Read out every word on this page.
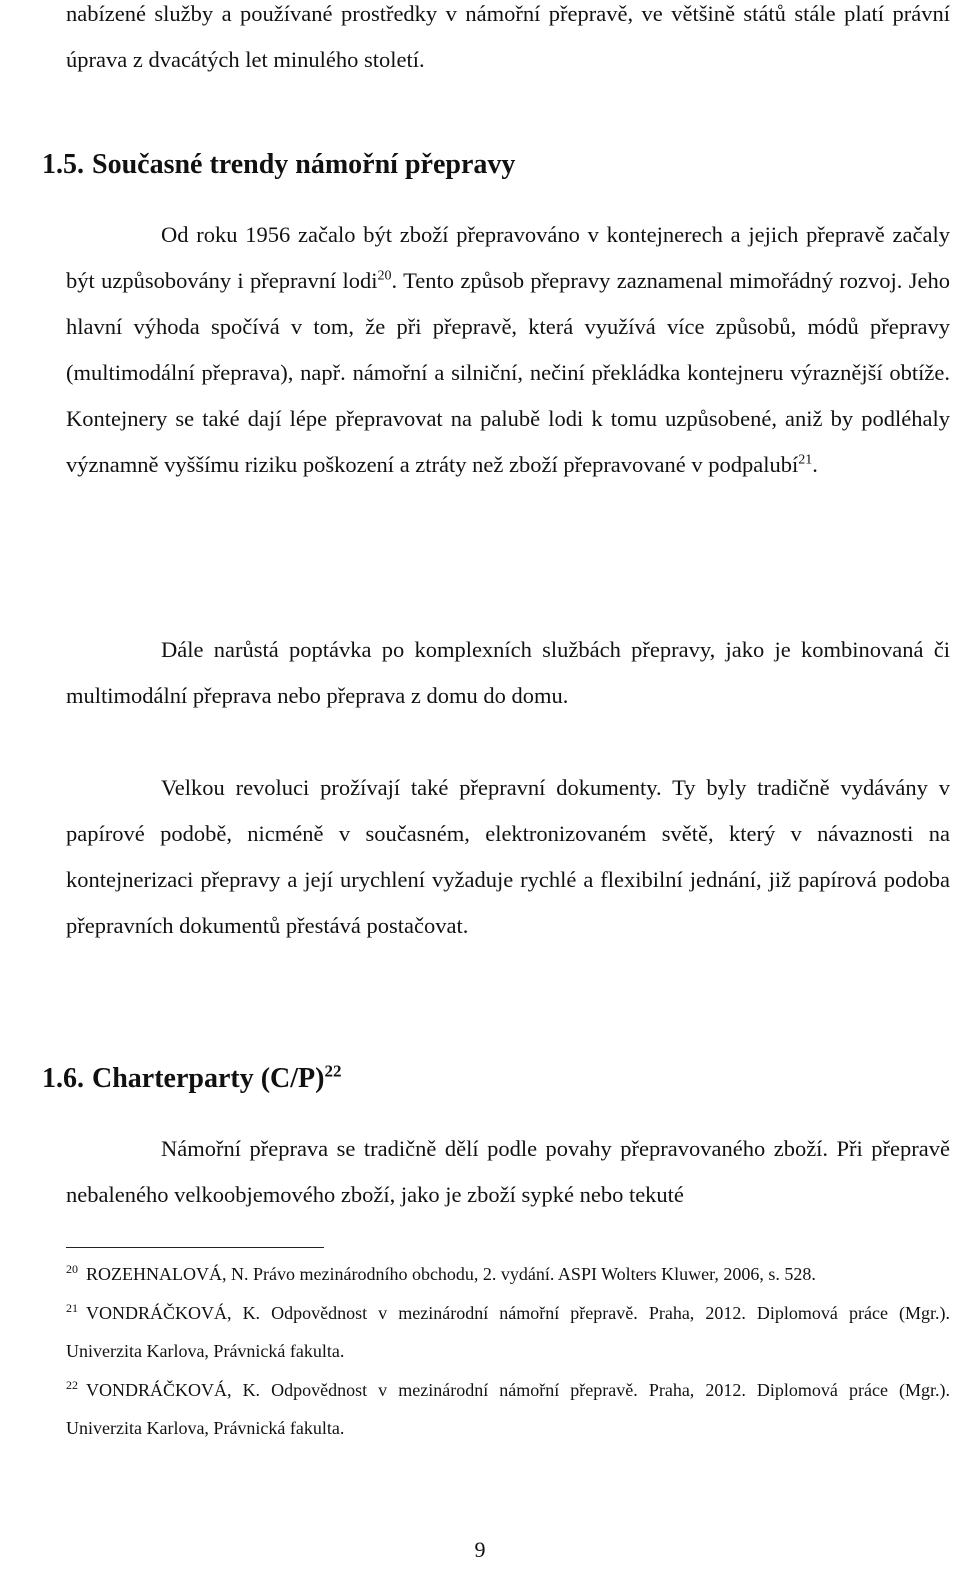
nabízené služby a používané prostředky v námořní přepravě, ve většině států stále platí právní úprava z dvacátých let minulého století.

1.5. Současné trendy námořní přepravy

Od roku 1956 začalo být zboží přepravováno v kontejnerech a jejich přepravě začaly být uzpůsobovány i přepravní lodi$^{20}$. Tento způsob přepravy zaznamenal mimořádný rozvoj. Jeho hlavní výhoda spočívá v tom, že při přepravě, která využívá více způsobů, módů přepravy (multimodální přeprava), např. námořní a silniční, nečiní překládka kontejneru výraznější obtíže. Kontejnery se také dají lépe přepravovat na palubě lodi k tomu uzpůsobené, aniž by podléhaly významně vyššímu riziku poškození a ztráty než zboží přepravované v podpalubí$^{21}$.

Dále narůstá poptávka po komplexních službách přepravy, jako je kombinovaná či multimodální přeprava nebo přeprava z domu do domu.

Velkou revoluci prožívají také přepravní dokumenty. Ty byly tradičně vydávány v papírové podobě, nicméně v současném, elektronizovaném světě, který v návaznosti na kontejnerizaci přepravy a její urychlení vyžaduje rychlé a flexibilní jednání, již papírová podoba přepravních dokumentů přestává postačovat.

1.6. Charterparty $(C/P)^{22}$

Námořní přeprava se tradičně dělí podle povahy přepravovaného zboží. Při přepravě nebaleného velkoobjemového zboží, jako je zboží sypké nebo tekuté

$^{20}$ ROZEHNALOVÁ, N. Právo mezinárodního obchodu, 2. vydání. ASPI Wolters Kluwer, 2006, s. 528.

$^{21}$ VONDRÁČKOVÁ, K. Odpovědnost v mezinárodní námořní přepravě. Praha, 2012. Diplomová práce (Mgr.). Univerzita Karlova, Právnická fakulta.

$^{22}$ VONDRÁČKOVÁ, K. Odpovědnost v mezinárodní námořní přepravě. Praha, 2012. Diplomová práce (Mgr.). Univerzita Karlova, Právnická fakulta.

9
